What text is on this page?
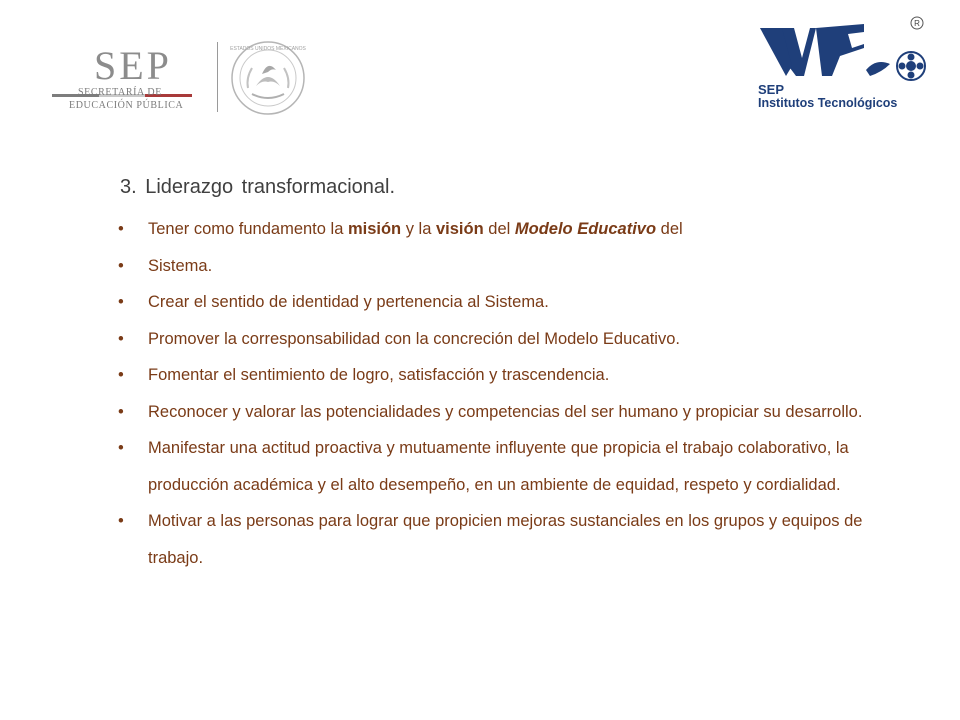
SEP
SECRETARÍA DE
EDUCACIÓN PÚBLICA
ESTADOS UNIDOS MEXICANOS
R
SEP
Institutos Tecnológicos
3. Liderazgo transformacional.
• Tener como fundamento la misión y la visión del Modelo Educativo del
• Sistema.
• Crear el sentido de identidad y pertenencia al Sistema.
• Promover la corresponsabilidad con la concreción del Modelo Educativo.
• Fomentar el sentimiento de logro, satisfacción y trascendencia.
• Reconocer y valorar las potencialidades y competencias del ser humano y propiciar su desarrollo.
• Manifestar una actitud proactiva y mutuamente influyente que propicia el trabajo colaborativo, la producción académica y el alto desempeño, en un ambiente de equidad, respeto y cordialidad.
• Motivar a las personas para lograr que propicien mejoras sustanciales en los grupos y equipos de trabajo.
